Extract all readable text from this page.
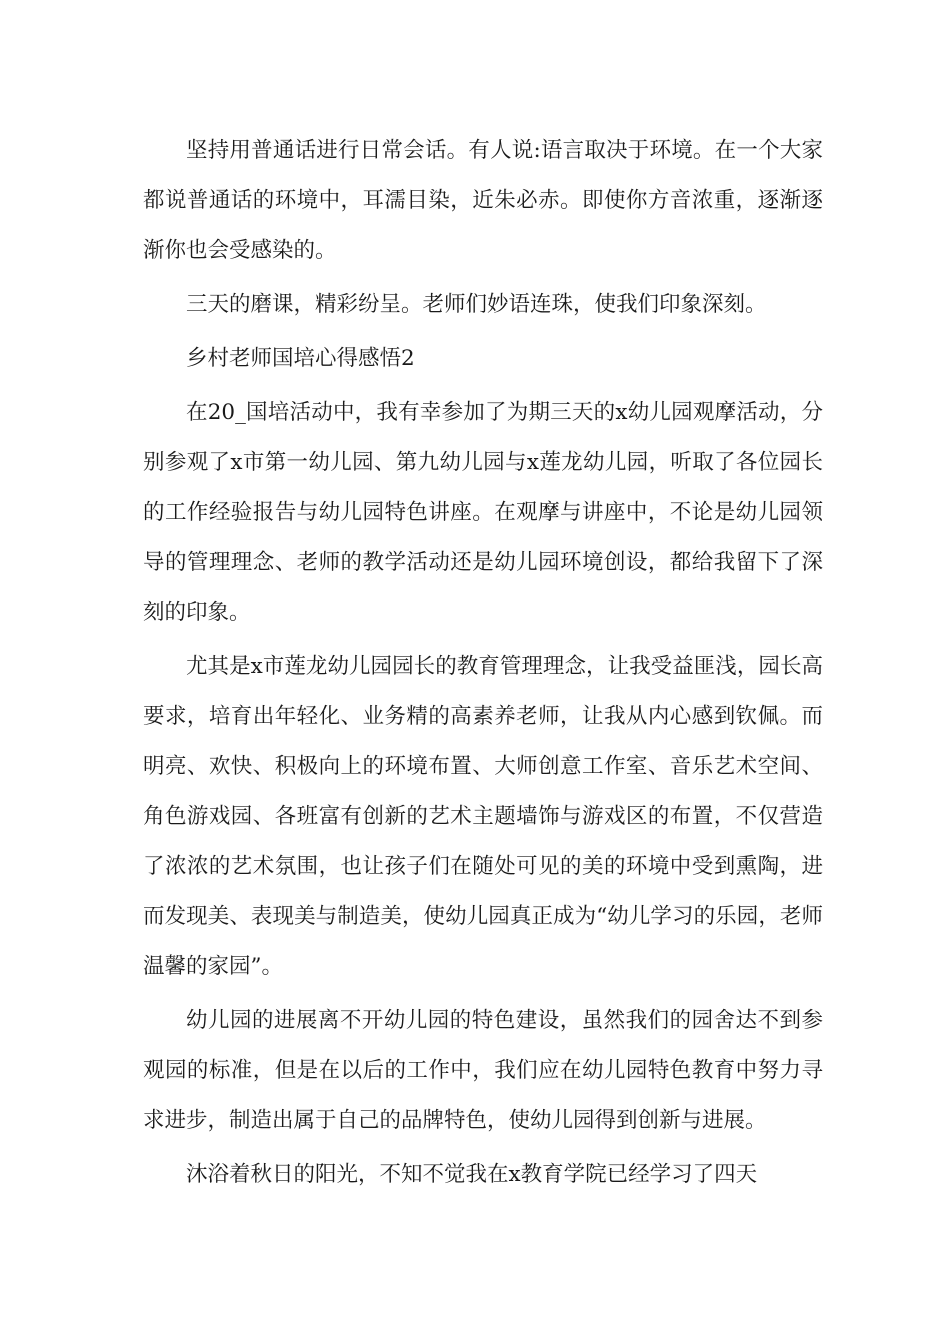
坚持用普通话进行日常会话。有人说:语言取决于环境。在一个大家都说普通话的环境中，耳濡目染，近朱必赤。即使你方音浓重，逐渐逐渐你也会受感染的。

三天的磨课，精彩纷呈。老师们妙语连珠，使我们印象深刻。

乡村老师国培心得感悟2

在20_国培活动中，我有幸参加了为期三天的x幼儿园观摩活动，分别参观了x市第一幼儿园、第九幼儿园与x莲龙幼儿园，听取了各位园长的工作经验报告与幼儿园特色讲座。在观摩与讲座中，不论是幼儿园领导的管理理念、老师的教学活动还是幼儿园环境创设，都给我留下了深刻的印象。

尤其是x市莲龙幼儿园园长的教育管理理念，让我受益匪浅，园长高要求，培育出年轻化、业务精的高素养老师，让我从内心感到钦佩。而明亮、欢快、积极向上的环境布置、大师创意工作室、音乐艺术空间、角色游戏园、各班富有创新的艺术主题墙饰与游戏区的布置，不仅营造了浓浓的艺术氛围，也让孩子们在随处可见的美的环境中受到熏陶，进而发现美、表现美与制造美，使幼儿园真正成为“幼儿学习的乐园，老师温馨的家园”。

幼儿园的进展离不开幼儿园的特色建设，虽然我们的园舍达不到参观园的标准，但是在以后的工作中，我们应在幼儿园特色教育中努力寻求进步，制造出属于自己的品牌特色，使幼儿园得到创新与进展。

沐浴着秋日的阳光，不知不觉我在x教育学院已经学习了四天
